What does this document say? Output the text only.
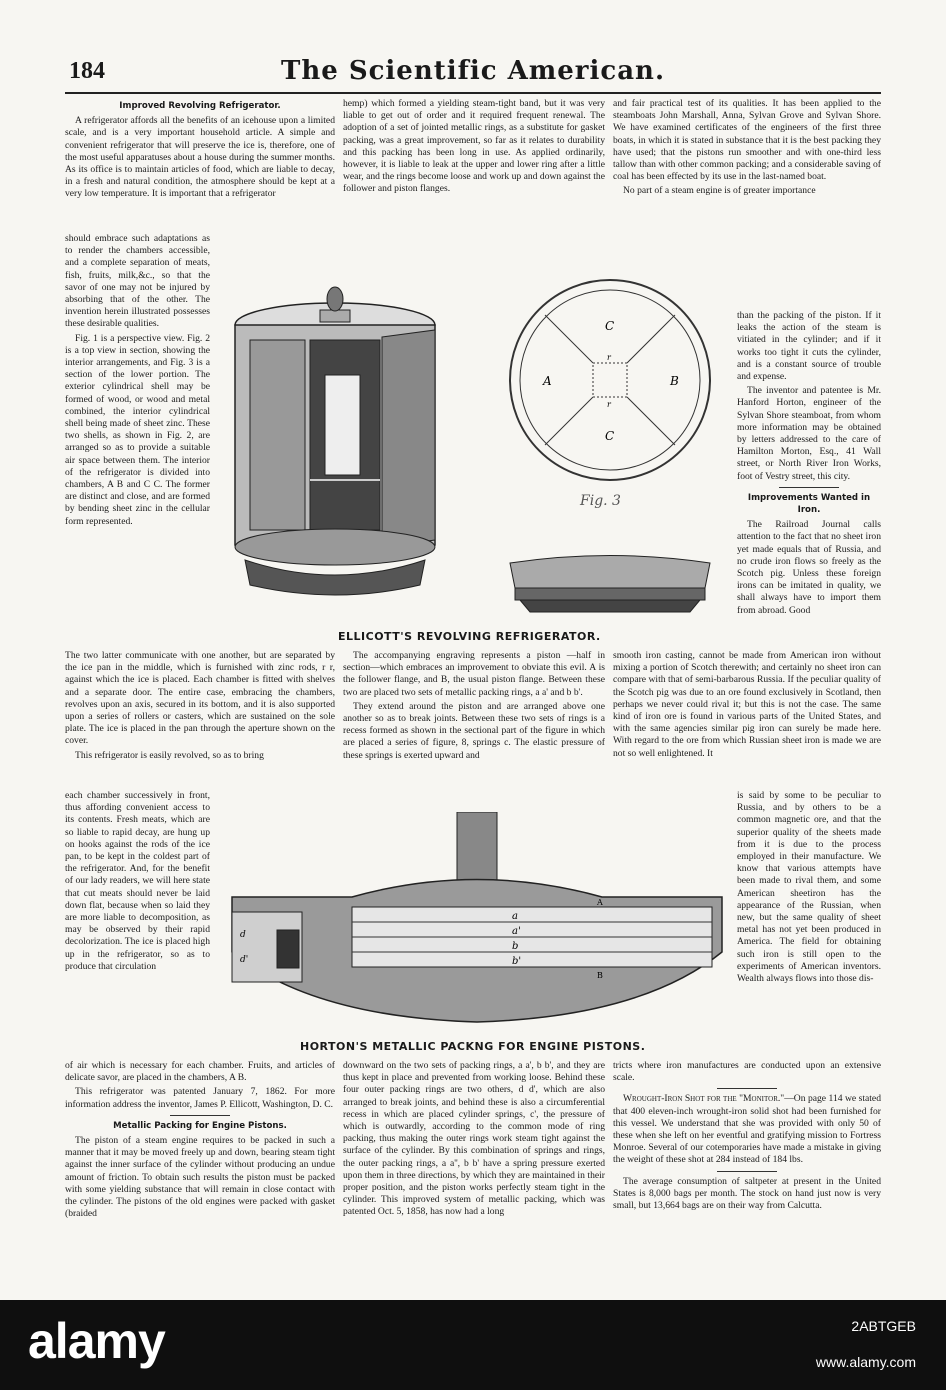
184	The Scientific American.
Improved Revolving Refrigerator.

A refrigerator affords all the benefits of an icehouse upon a limited scale, and is a very important household article. A simple and convenient refrigerator that will preserve the ice is, therefore, one of the most useful apparatuses about a house during the summer months. As its office is to maintain articles of food, which are liable to decay, in a fresh and natural condition, the atmosphere should be kept at a very low temperature. It is important that a refrigerator

should embrace such adaptations as to render the chambers accessible, and a complete separation of meats, fish, fruits, milk,&c., so that the savor of one may not be injured by absorbing that of the other. The invention herein illustrated possesses these desirable qualities.

Fig. 1 is a perspective view. Fig. 2 is a top view in section, showing the interior arrangements, and Fig. 3 is a section of the lower portion. The exterior cylindrical shell may be formed of wood, or wood and metal combined, the interior cylindrical shell being made of sheet zinc. These two shells, as shown in Fig. 2, are arranged so as to provide a suitable air space between them. The interior of the refrigerator is divided into chambers, A B and C C. The former are distinct and close, and are formed by bending sheet zinc in the cellular form represented.

hemp) which formed a yielding steam-tight band, but it was very liable to get out of order and it required frequent renewal. The adoption of a set of jointed metallic rings, as a substitute for gasket packing, was a great improvement, so far as it relates to durability and this packing has been long in use. As applied ordinarily, however, it is liable to leak at the upper and lower ring after a little wear, and the rings become loose and work up and down against the follower and piston flanges.

and fair practical test of its qualities. It has been applied to the steamboats John Marshall, Anna, Sylvan Grove and Sylvan Shore. We have examined certificates of the engineers of the first three boats, in which it is stated in substance that it is the best packing they have used; that the pistons run smoother and with one-third less tallow than with other common packing; and a considerable saving of coal has been effected by its use in the last-named boat.

No part of a steam engine is of greater importance

than the packing of the piston. If it leaks the action of the steam is vitiated in the cylinder; and if it works too tight it cuts the cylinder, and is a constant source of trouble and expense.

The inventor and patentee is Mr. Hanford Horton, engineer of the Sylvan Shore steamboat, from whom more information may be obtained by letters addressed to the care of Hamilton Morton, Esq., 41 Wall street, or North River Iron Works, foot of Vestry street, this city.

Improvements Wanted in Iron.

The Railroad Journal calls attention to the fact that no sheet iron yet made equals that of Russia, and no crude iron flows so freely as the Scotch pig. Unless these foreign irons can be imitated in quality, we shall always have to import them from abroad. Good

C
A	B
C
r
r
Fig. 3
ELLICOTT'S REVOLVING REFRIGERATOR.

The two latter communicate with one another, but are separated by the ice pan in the middle, which is furnished with zinc rods, r r, against which the ice is placed. Each chamber is fitted with shelves and a separate door. The entire case, embracing the chambers, revolves upon an axis, secured in its bottom, and it is also supported upon a series of rollers or casters, which are sustained on the sole plate. The ice is placed in the pan through the aperture shown on the cover.

This refrigerator is easily revolved, so as to bring

The accompanying engraving represents a piston —half in section—which embraces an improvement to obviate this evil. A is the follower flange, and B, the usual piston flange. Between these two are placed two sets of metallic packing rings, a a' and b b'.

They extend around the piston and are arranged above one another so as to break joints. Between these two sets of rings is a recess formed as shown in the sectional part of the figure in which are placed a series of figure, 8, springs c. The elastic pressure of these springs is exerted upward and

smooth iron casting, cannot be made from American iron without mixing a portion of Scotch therewith; and certainly no sheet iron can compare with that of semi-barbarous Russia. If the peculiar quality of the Scotch pig was due to an ore found exclusively in Scotland, then perhaps we never could rival it; but this is not the case. The same kind of iron ore is found in various parts of the United States, and with the same agencies similar pig iron can surely be made here. With regard to the ore from which Russian sheet iron is made we are not so well enlightened. It

each chamber successively in front, thus affording convenient access to its contents. Fresh meats, which are so liable to rapid decay, are hung up on hooks against the rods of the ice pan, to be kept in the coldest part of the refrigerator. And, for the benefit of our lady readers, we will here state that cut meats should never be laid down flat, because when so laid they are more liable to decomposition, as may be observed by their rapid decolorization. The ice is placed high up in the refrigerator, so as to produce that circulation

is said by some to be peculiar to Russia, and by others to be a common magnetic ore, and that the superior quality of the sheets made from it is due to the process employed in their manufacture. We know that various attempts have been made to rival them, and some American sheetiron has the appearance of the Russian, when new, but the same quality of sheet metal has not yet been produced in America. The field for obtaining such iron is still open to the experiments of American inventors. Wealth always flows into those dis-

A
a
a'
b
b'
B
d
d'
HORTON'S METALLIC PACKNG FOR ENGINE PISTONS.

of air which is necessary for each chamber. Fruits, and articles of delicate savor, are placed in the chambers, A B.

This refrigerator was patented January 7, 1862. For more information address the inventor, James P. Ellicott, Washington, D. C.

Metallic Packing for Engine Pistons.

The piston of a steam engine requires to be packed in such a manner that it may be moved freely up and down, bearing steam tight against the inner surface of the cylinder without producing an undue amount of friction. To obtain such results the piston must be packed with some yielding substance that will remain in close contact with the cylinder. The pistons of the old engines were packed with gasket (braided

downward on the two sets of packing rings, a a', b b', and they are thus kept in place and prevented from working loose. Behind these four outer packing rings are two others, d d', which are also arranged to break joints, and behind these is also a circumferential recess in which are placed cylinder springs, c', the pressure of which is outwardly, according to the common mode of ring packing, thus making the outer rings work steam tight against the surface of the cylinder. By this combination of springs and rings, the outer packing rings, a a'', b b' have a spring pressure exerted upon them in three directions, by which they are maintained in their proper position, and the piston works perfectly steam tight in the cylinder. This improved system of metallic packing, which was patented Oct. 5, 1858, has now had a long

tricts where iron manufactures are conducted upon an extensive scale.

Wrought-Iron Shot for the "Monitor."—On page 114 we stated that 400 eleven-inch wrought-iron solid shot had been furnished for this vessel. We understand that she was provided with only 50 of these when she left on her eventful and gratifying mission to Fortress Monroe. Several of our cotemporaries have made a mistake in giving the weight of these shot at 284 instead of 184 lbs.

The average consumption of saltpeter at present in the United States is 8,000 bags per month. The stock on hand just now is very small, but 13,664 bags are on their way from Calcutta.

alamy	2ABTGEB
www.alamy.com
